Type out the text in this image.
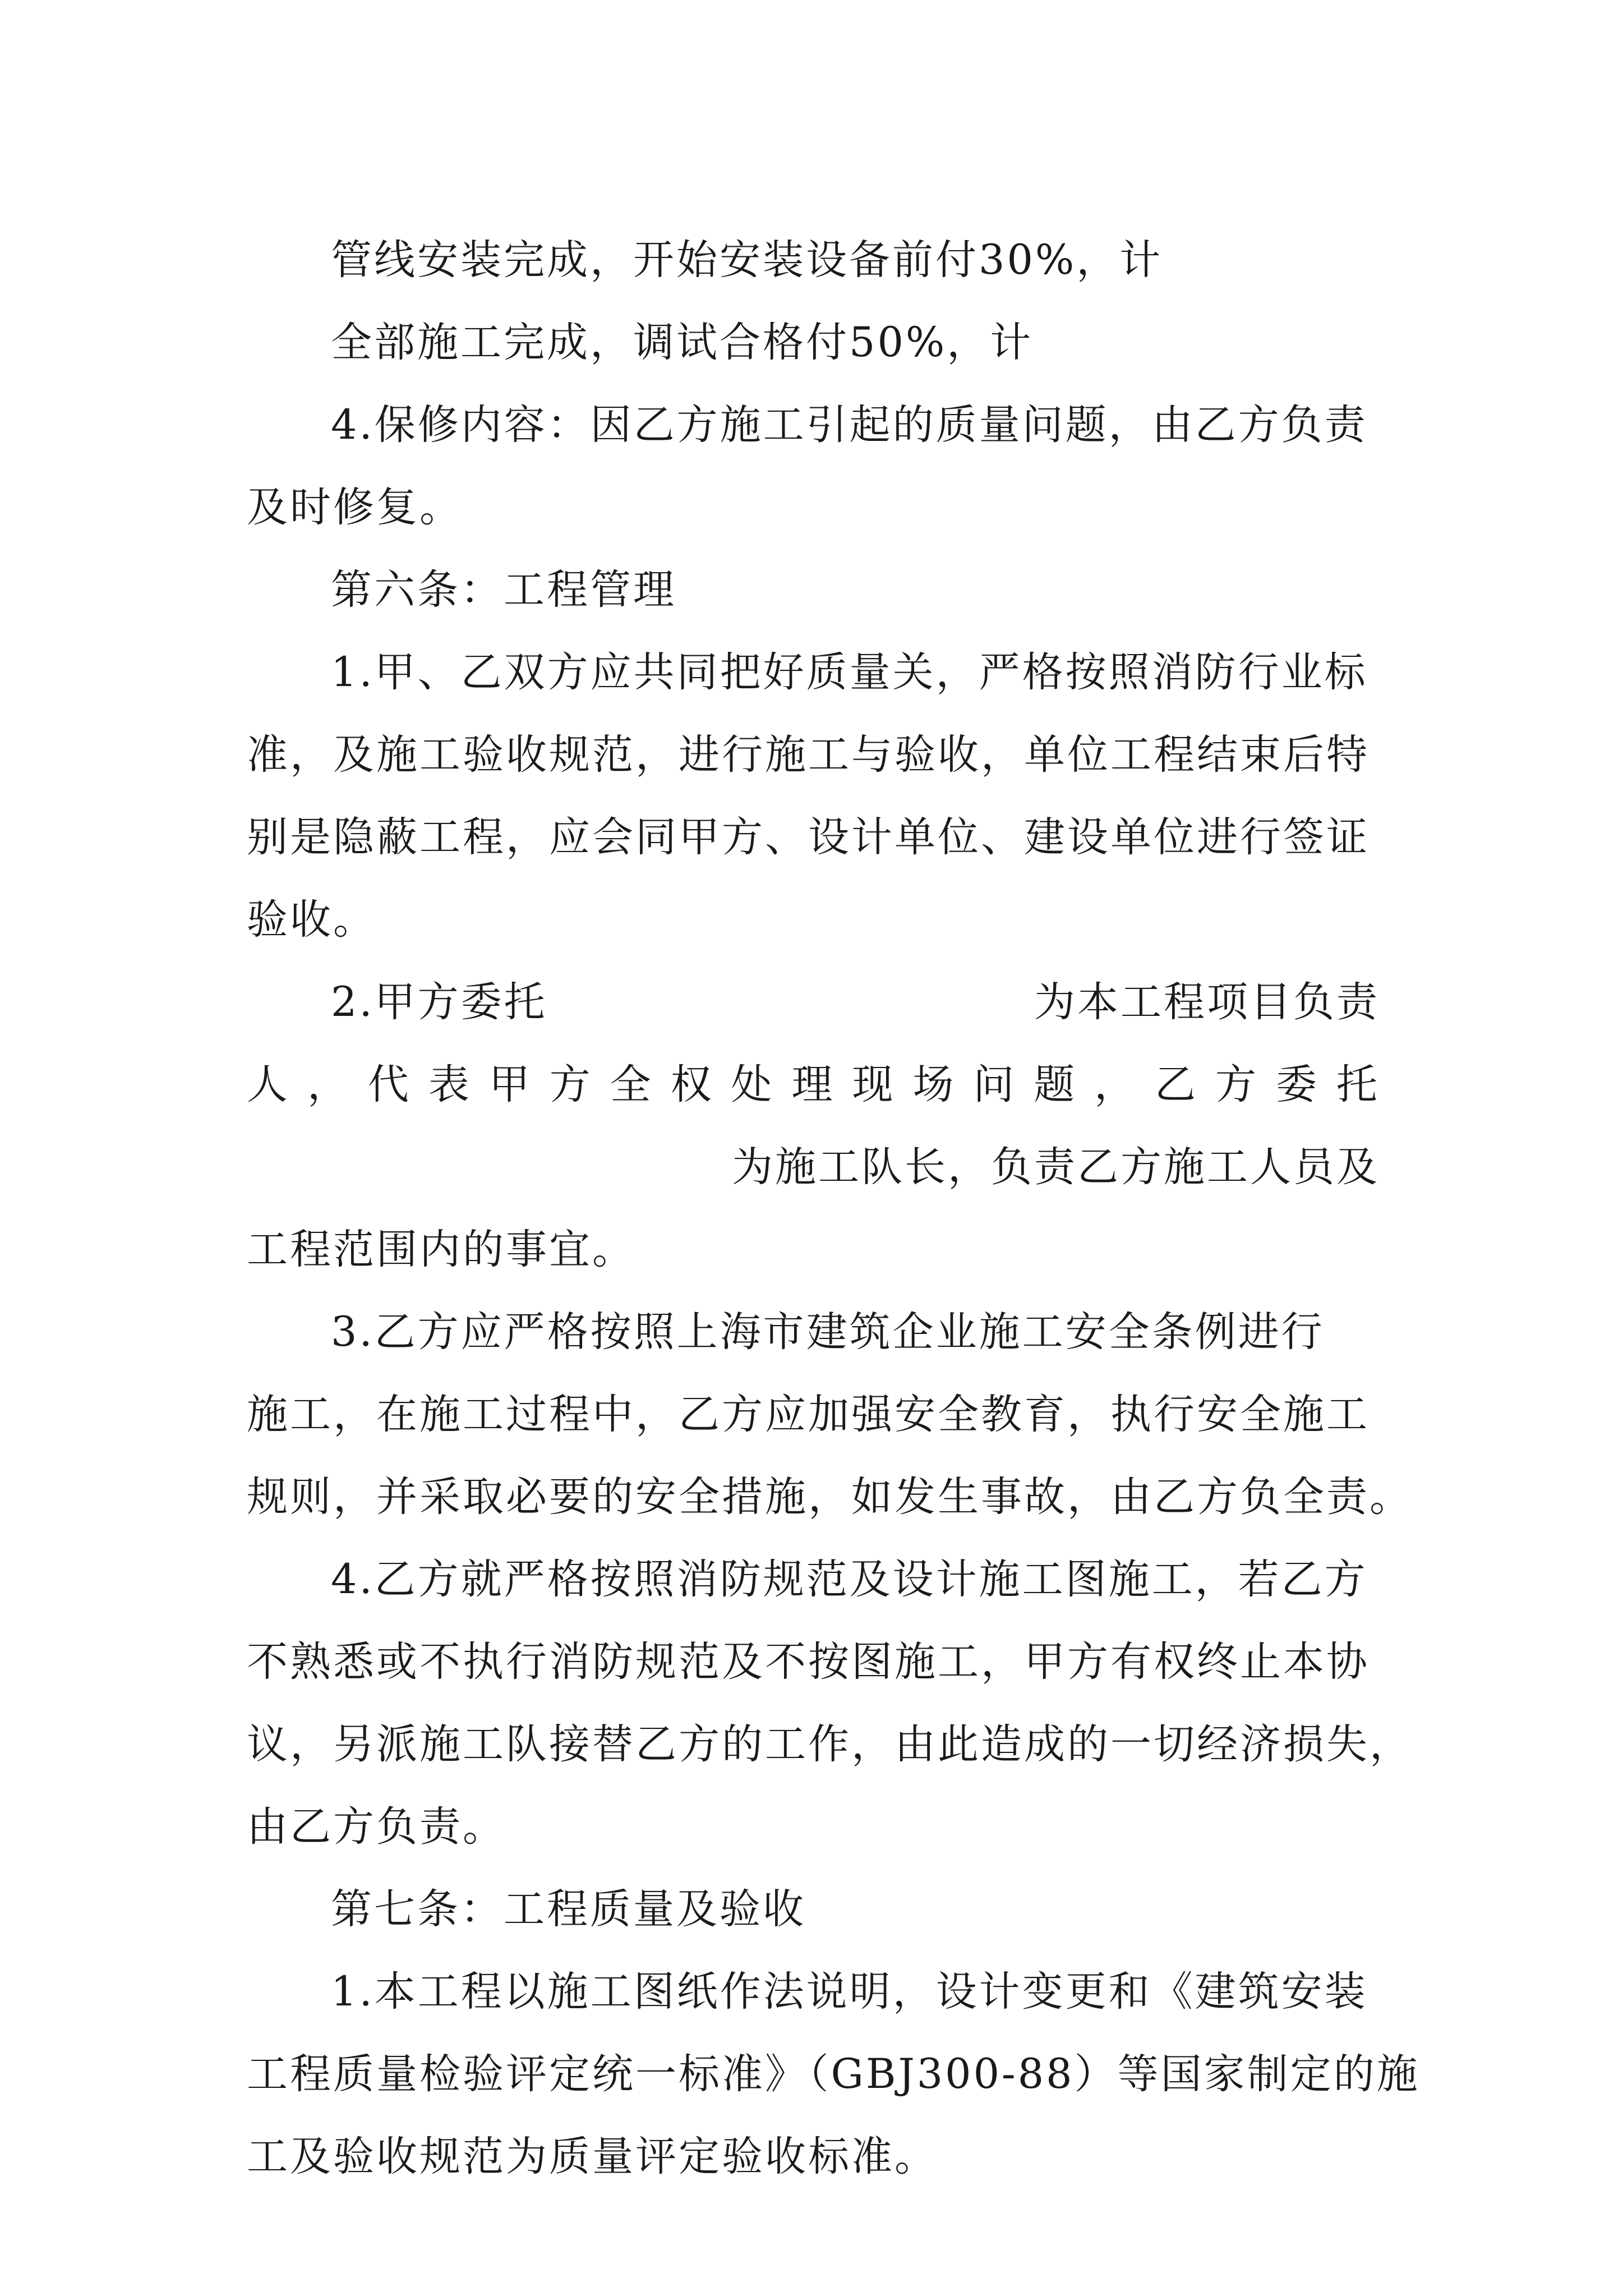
管线安装完成，开始安装设备前付30%，计
全部施工完成，调试合格付50%，计
4.保修内容：因乙方施工引起的质量问题，由乙方负责
及时修复。
第六条：工程管理
1.甲、乙双方应共同把好质量关，严格按照消防行业标
准，及施工验收规范，进行施工与验收，单位工程结束后特
别是隐蔽工程，应会同甲方、设计单位、建设单位进行签证
验收。
2.甲方委托	为本工程项目负责
人 ， 代 表 甲 方 全 权 处 理 现 场 问 题 ， 乙 方 委 托
为施工队长，负责乙方施工人员及
工程范围内的事宜。
3.乙方应严格按照上海市建筑企业施工安全条例进行
施工，在施工过程中，乙方应加强安全教育，执行安全施工
规则，并采取必要的安全措施，如发生事故，由乙方负全责。
4.乙方就严格按照消防规范及设计施工图施工，若乙方
不熟悉或不执行消防规范及不按图施工，甲方有权终止本协
议，另派施工队接替乙方的工作，由此造成的一切经济损失，
由乙方负责。
第七条：工程质量及验收
1.本工程以施工图纸作法说明，设计变更和《建筑安装
工程质量检验评定统一标准》（GBJ300-88）等国家制定的施
工及验收规范为质量评定验收标准。
